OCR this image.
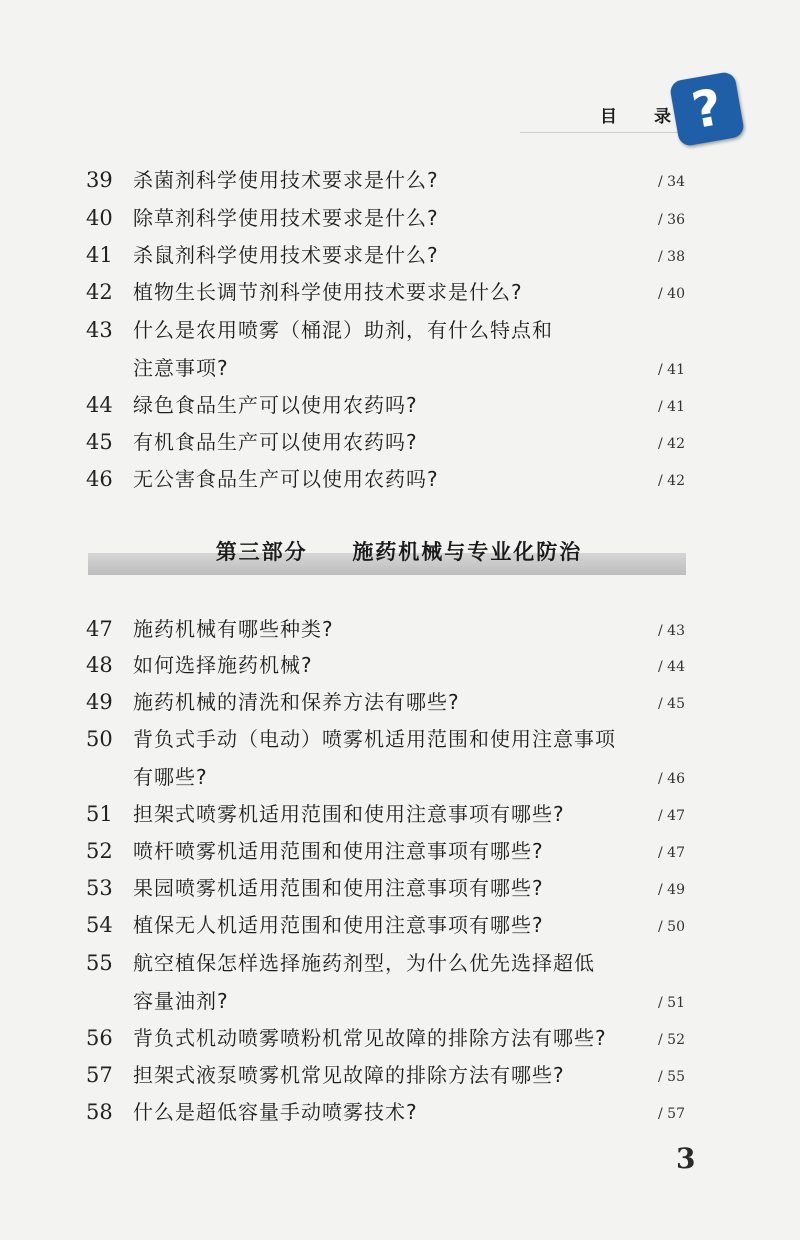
目 录 ?
39 杀菌剂科学使用技术要求是什么?	/ 34
40 除草剂科学使用技术要求是什么?	/ 36
41 杀鼠剂科学使用技术要求是什么?	/ 38
42 植物生长调节剂科学使用技术要求是什么?	/ 40
43 什么是农用喷雾（桶混）助剂，有什么特点和
注意事项?	/ 41
44 绿色食品生产可以使用农药吗?	/ 41
45 有机食品生产可以使用农药吗?	/ 42
46 无公害食品生产可以使用农药吗?	/ 42
第三部分 施药机械与专业化防治
47 施药机械有哪些种类?	/ 43
48 如何选择施药机械?	/ 44
49 施药机械的清洗和保养方法有哪些?	/ 45
50 背负式手动（电动）喷雾机适用范围和使用注意事项
有哪些?	/ 46
51 担架式喷雾机适用范围和使用注意事项有哪些?	/ 47
52 喷杆喷雾机适用范围和使用注意事项有哪些?	/ 47
53 果园喷雾机适用范围和使用注意事项有哪些?	/ 49
54 植保无人机适用范围和使用注意事项有哪些?	/ 50
55 航空植保怎样选择施药剂型，为什么优先选择超低
容量油剂?	/ 51
56 背负式机动喷雾喷粉机常见故障的排除方法有哪些?	/ 52
57 担架式液泵喷雾机常见故障的排除方法有哪些?	/ 55
58 什么是超低容量手动喷雾技术?	/ 57
3
